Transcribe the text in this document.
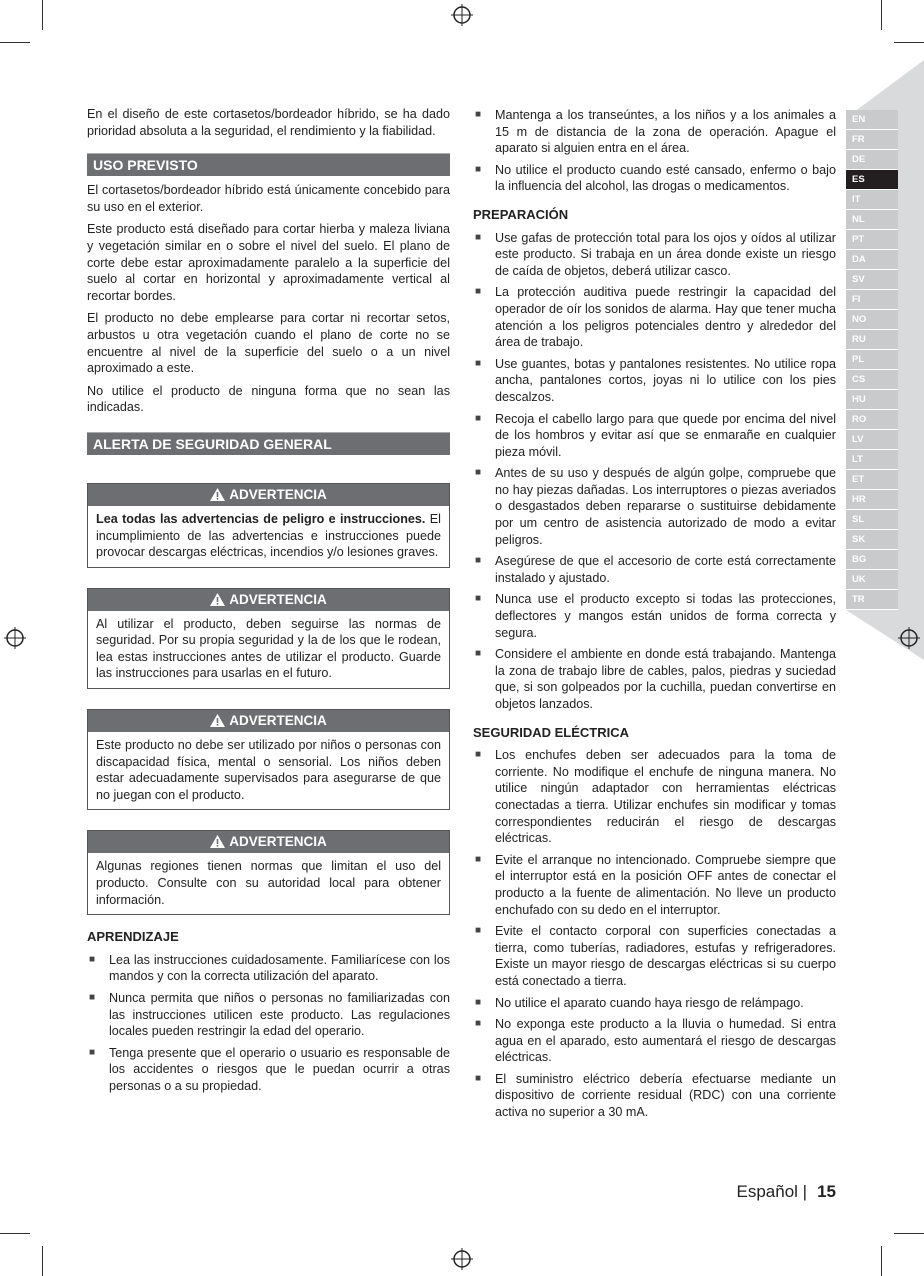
En el diseño de este cortasetos/bordeador híbrido, se ha dado prioridad absoluta a la seguridad, el rendimiento y la fiabilidad.

USO PREVISTO

El cortasetos/bordeador híbrido está únicamente concebido para su uso en el exterior.

Este producto está diseñado para cortar hierba y maleza liviana y vegetación similar en o sobre el nivel del suelo. El plano de corte debe estar aproximadamente paralelo a la superficie del suelo al cortar en horizontal y aproximadamente vertical al recortar bordes.

El producto no debe emplearse para cortar ni recortar setos, arbustos u otra vegetación cuando el plano de corte no se encuentre al nivel de la superficie del suelo o a un nivel aproximado a este.

No utilice el producto de ninguna forma que no sean las indicadas.

ALERTA DE SEGURIDAD GENERAL
ADVERTENCIA
Lea todas las advertencias de peligro e instrucciones. El incumplimiento de las advertencias e instrucciones puede provocar descargas eléctricas, incendios y/o lesiones graves.
ADVERTENCIA
Al utilizar el producto, deben seguirse las normas de seguridad. Por su propia seguridad y la de los que le rodean, lea estas instrucciones antes de utilizar el producto. Guarde las instrucciones para usarlas en el futuro.
ADVERTENCIA
Este producto no debe ser utilizado por niños o personas con discapacidad física, mental o sensorial. Los niños deben estar adecuadamente supervisados para asegurarse de que no juegan con el producto.
ADVERTENCIA
Algunas regiones tienen normas que limitan el uso del producto. Consulte con su autoridad local para obtener información.
APRENDIZAJE
■ Lea las instrucciones cuidadosamente. Familiarícese con los mandos y con la correcta utilización del aparato.
■ Nunca permita que niños o personas no familiarizadas con las instrucciones utilicen este producto. Las regulaciones locales pueden restringir la edad del operario.
■ Tenga presente que el operario o usuario es responsable de los accidentes o riesgos que le puedan ocurrir a otras personas o a su propiedad.
■ Mantenga a los transeúntes, a los niños y a los animales a 15 m de distancia de la zona de operación. Apague el aparato si alguien entra en el área.
■ No utilice el producto cuando esté cansado, enfermo o bajo la influencia del alcohol, las drogas o medicamentos.
PREPARACIÓN
■ Use gafas de protección total para los ojos y oídos al utilizar este producto. Si trabaja en un área donde existe un riesgo de caída de objetos, deberá utilizar casco.
■ La protección auditiva puede restringir la capacidad del operador de oír los sonidos de alarma. Hay que tener mucha atención a los peligros potenciales dentro y alrededor del área de trabajo.
■ Use guantes, botas y pantalones resistentes. No utilice ropa ancha, pantalones cortos, joyas ni lo utilice con los pies descalzos.
■ Recoja el cabello largo para que quede por encima del nivel de los hombros y evitar así que se enmarañe en cualquier pieza móvil.
■ Antes de su uso y después de algún golpe, compruebe que no hay piezas dañadas. Los interruptores o piezas averiados o desgastados deben repararse o sustituirse debidamente por um centro de asistencia autorizado de modo a evitar peligros.
■ Asegúrese de que el accesorio de corte está correctamente instalado y ajustado.
■ Nunca use el producto excepto si todas las protecciones, deflectores y mangos están unidos de forma correcta y segura.
■ Considere el ambiente en donde está trabajando. Mantenga la zona de trabajo libre de cables, palos, piedras y suciedad que, si son golpeados por la cuchilla, puedan convertirse en objetos lanzados.
SEGURIDAD ELÉCTRICA
■ Los enchufes deben ser adecuados para la toma de corriente. No modifique el enchufe de ninguna manera. No utilice ningún adaptador con herramientas eléctricas conectadas a tierra. Utilizar enchufes sin modificar y tomas correspondientes reducirán el riesgo de descargas eléctricas.
■ Evite el arranque no intencionado. Compruebe siempre que el interruptor está en la posición OFF antes de conectar el producto a la fuente de alimentación. No lleve un producto enchufado con su dedo en el interruptor.
■ Evite el contacto corporal con superficies conectadas a tierra, como tuberías, radiadores, estufas y refrigeradores. Existe un mayor riesgo de descargas eléctricas si su cuerpo está conectado a tierra.
■ No utilice el aparato cuando haya riesgo de relámpago.
■ No exponga este producto a la lluvia o humedad. Si entra agua en el aparado, esto aumentará el riesgo de descargas eléctricas.
■ El suministro eléctrico debería efectuarse mediante un dispositivo de corriente residual (RDC) con una corriente activa no superior a 30 mA.
EN
FR
DE
ES
IT
NL
PT
DA
SV
FI
NO
RU
PL
CS
HU
RO
LV
LT
ET
HR
SL
SK
BG
UK
TR
Español | 15
